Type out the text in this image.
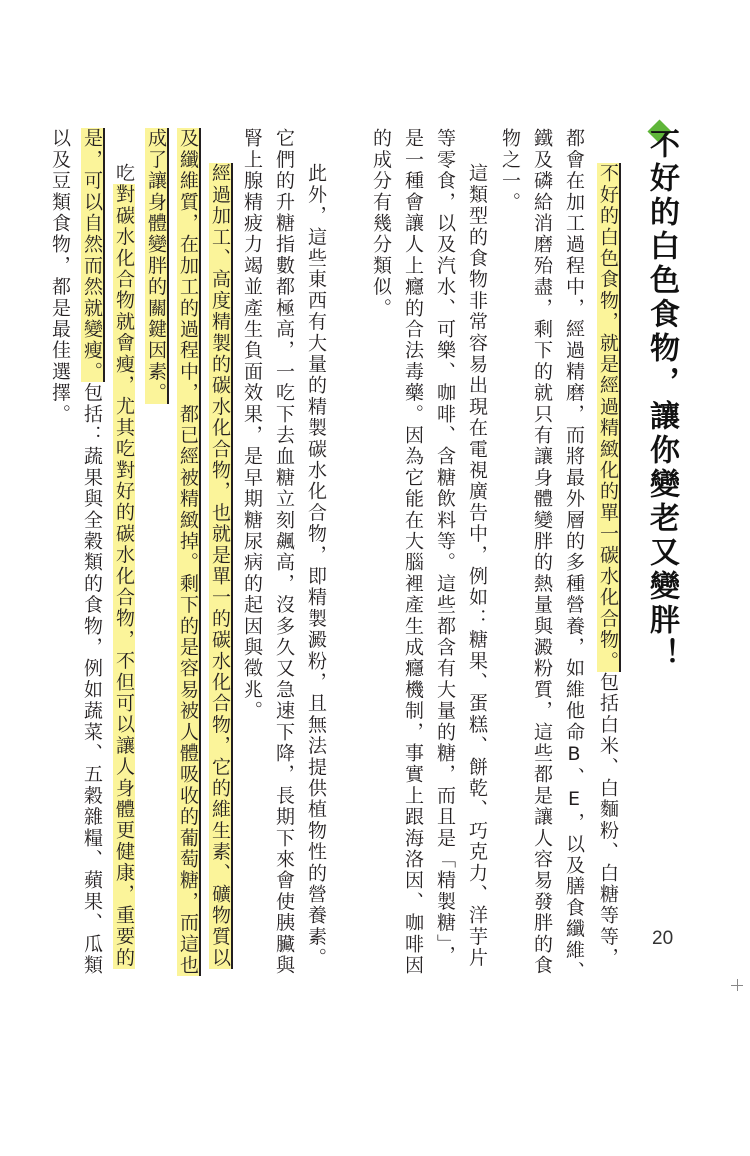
不好的白色食物，讓你變老又變胖！
不好的白色食物，就是經過精緻化的單一碳水化合物。包括白米、白麵粉、白糖等等，
都會在加工過程中，經過精磨，而將最外層的多種營養，如維他命B、E，以及膳食纖維、
鐵及磷給消磨殆盡，剩下的就只有讓身體變胖的熱量與澱粉質，這些都是讓人容易發胖的食
物之一。
這類型的食物非常容易出現在電視廣告中，例如：糖果、蛋糕、餅乾、巧克力、洋芋片
等零食，以及汽水、可樂、咖啡、含糖飲料等。這些都含有大量的糖，而且是「精製糖」，
是一種會讓人上癮的合法毒藥。因為它能在大腦裡產生成癮機制，事實上跟海洛因、咖啡因
的成分有幾分類似。
此外，這些東西有大量的精製碳水化合物，即精製澱粉，且無法提供植物性的營養素。
它們的升糖指數都極高，一吃下去血糖立刻飆高，沒多久又急速下降，長期下來會使胰臟與
腎上腺精疲力竭並產生負面效果，是早期糖尿病的起因與徵兆。
經過加工、高度精製的碳水化合物，也就是單一的碳水化合物，它的維生素、礦物質以
及纖維質，在加工的過程中，都已經被精緻掉。剩下的是容易被人體吸收的葡萄糖，而這也
成了讓身體變胖的關鍵因素。
吃對碳水化合物就會瘦，尤其吃對好的碳水化合物，不但可以讓人身體更健康，重要的
是，可以自然而然就變瘦。包括：蔬果與全穀類的食物，例如蔬菜、五穀雜糧、蘋果、瓜類
以及豆類食物，都是最佳選擇。
20
